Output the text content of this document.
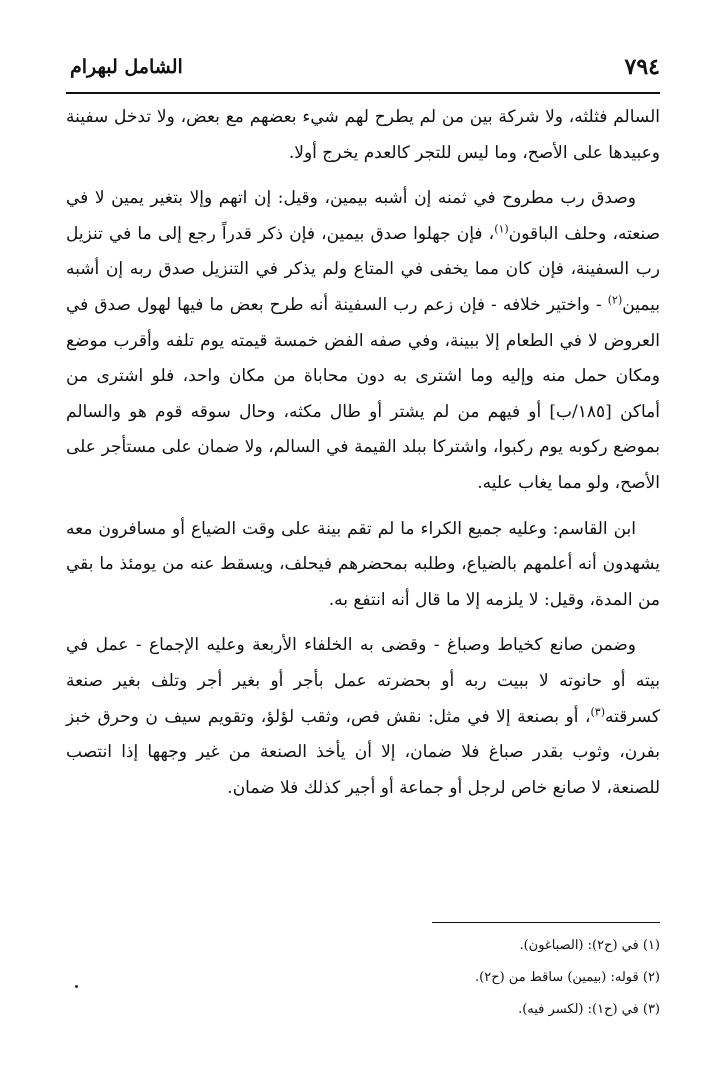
٧٩٤
الشامل لبهرام

السالم فثلثه، ولا شركة بين من لم يطرح لهم شيء بعضهم مع بعض، ولا تدخل سفينة وعبيدها على الأصح، وما ليس للتجر كالعدم يخرج أولا.

وصدق رب مطروح في ثمنه إن أشبه بيمين، وقيل: إن اتهم وإلا بتغير يمين لا في صنعته، وحلف الباقون$^{(١)}$، فإن جهلوا صدق بيمين، فإن ذكر قدراً رجع إلى ما في تنزيل رب السفينة، فإن كان مما يخفى في المتاع ولم يذكر في التنزيل صدق ربه إن أشبه بيمين$^{(٢)}$ - واختير خلافه - فإن زعم رب السفينة أنه طرح بعض ما فيها لهول صدق في العروض لا في الطعام إلا ببينة، وفي صفه الفض خمسة قيمته يوم تلفه وأقرب موضع ومكان حمل منه وإليه وما اشترى به دون محاباة من مكان واحد، فلو اشترى من أماكن [١٨٥/ب] أو فيهم من لم يشتر أو طال مكثه، وحال سوقه قوم هو والسالم بموضع ركوبه يوم ركبوا، واشتركا ببلد القيمة في السالم، ولا ضمان على مستأجر على الأصح، ولو مما يغاب عليه.

ابن القاسم: وعليه جميع الكراء ما لم تقم بينة على وقت الضياع أو مسافرون معه يشهدون أنه أعلمهم بالضياع، وطلبه بمحضرهم فيحلف، ويسقط عنه من يومئذ ما بقي من المدة، وقيل: لا يلزمه إلا ما قال أنه انتفع به.

وضمن صانع كخياط وصباغ - وقضى به الخلفاء الأربعة وعليه الإجماع - عمل في بيته أو حانوته لا ببيت ربه أو بحضرته عمل بأجر أو بغير أجر وتلف بغير صنعة كسرقته$^{(٣)}$، أو بصنعة إلا في مثل: نقش فص، وثقب لؤلؤ، وتقويم سيف ن وحرق خبز بفرن، وثوب بقدر صباغ فلا ضمان، إلا أن يأخذ الصنعة من غير وجهها إذا انتصب للصنعة، لا صانع خاص لرجل أو جماعة أو أجير كذلك فلا ضمان.

(١) في (ح٢): (الصباغون).
(٢) قوله: (بيمين) ساقط من (ح٢).
(٣) في (ح١): (لكسر فيه).
